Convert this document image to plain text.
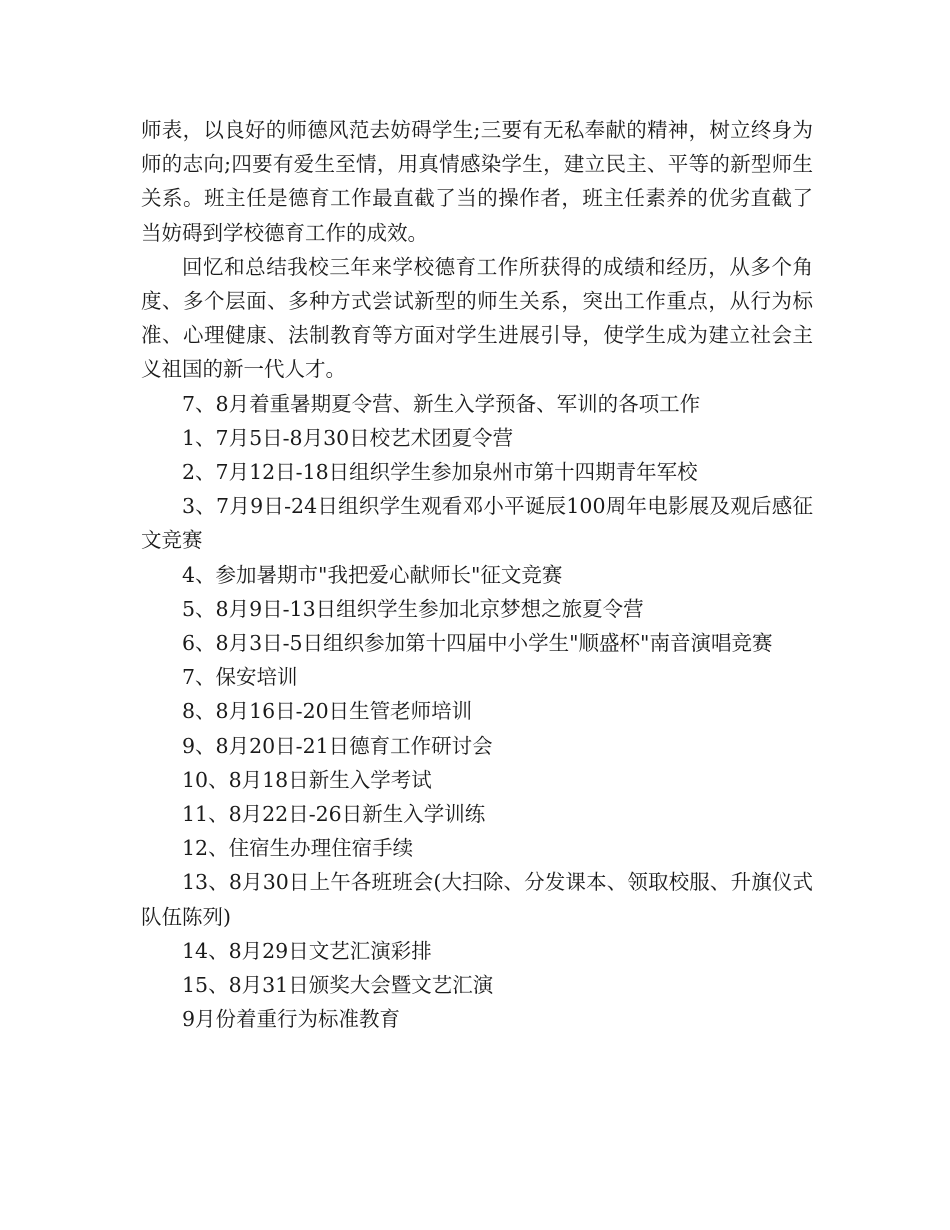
师表，以良好的师德风范去妨碍学生;三要有无私奉献的精神，树立终身为师的志向;四要有爱生至情，用真情感染学生，建立民主、平等的新型师生关系。班主任是德育工作最直截了当的操作者，班主任素养的优劣直截了当妨碍到学校德育工作的成效。

回忆和总结我校三年来学校德育工作所获得的成绩和经历，从多个角度、多个层面、多种方式尝试新型的师生关系，突出工作重点，从行为标准、心理健康、法制教育等方面对学生进展引导，使学生成为建立社会主义祖国的新一代人才。

7、8月着重暑期夏令营、新生入学预备、军训的各项工作

1、7月5日-8月30日校艺术团夏令营

2、7月12日-18日组织学生参加泉州市第十四期青年军校

3、7月9日-24日组织学生观看邓小平诞辰100周年电影展及观后感征文竞赛

4、参加暑期市"我把爱心献师长"征文竞赛

5、8月9日-13日组织学生参加北京梦想之旅夏令营

6、8月3日-5日组织参加第十四届中小学生"顺盛杯"南音演唱竞赛

7、保安培训

8、8月16日-20日生管老师培训

9、8月20日-21日德育工作研讨会

10、8月18日新生入学考试

11、8月22日-26日新生入学训练

12、住宿生办理住宿手续

13、8月30日上午各班班会(大扫除、分发课本、领取校服、升旗仪式队伍陈列)

14、8月29日文艺汇演彩排

15、8月31日颁奖大会暨文艺汇演

9月份着重行为标准教育
